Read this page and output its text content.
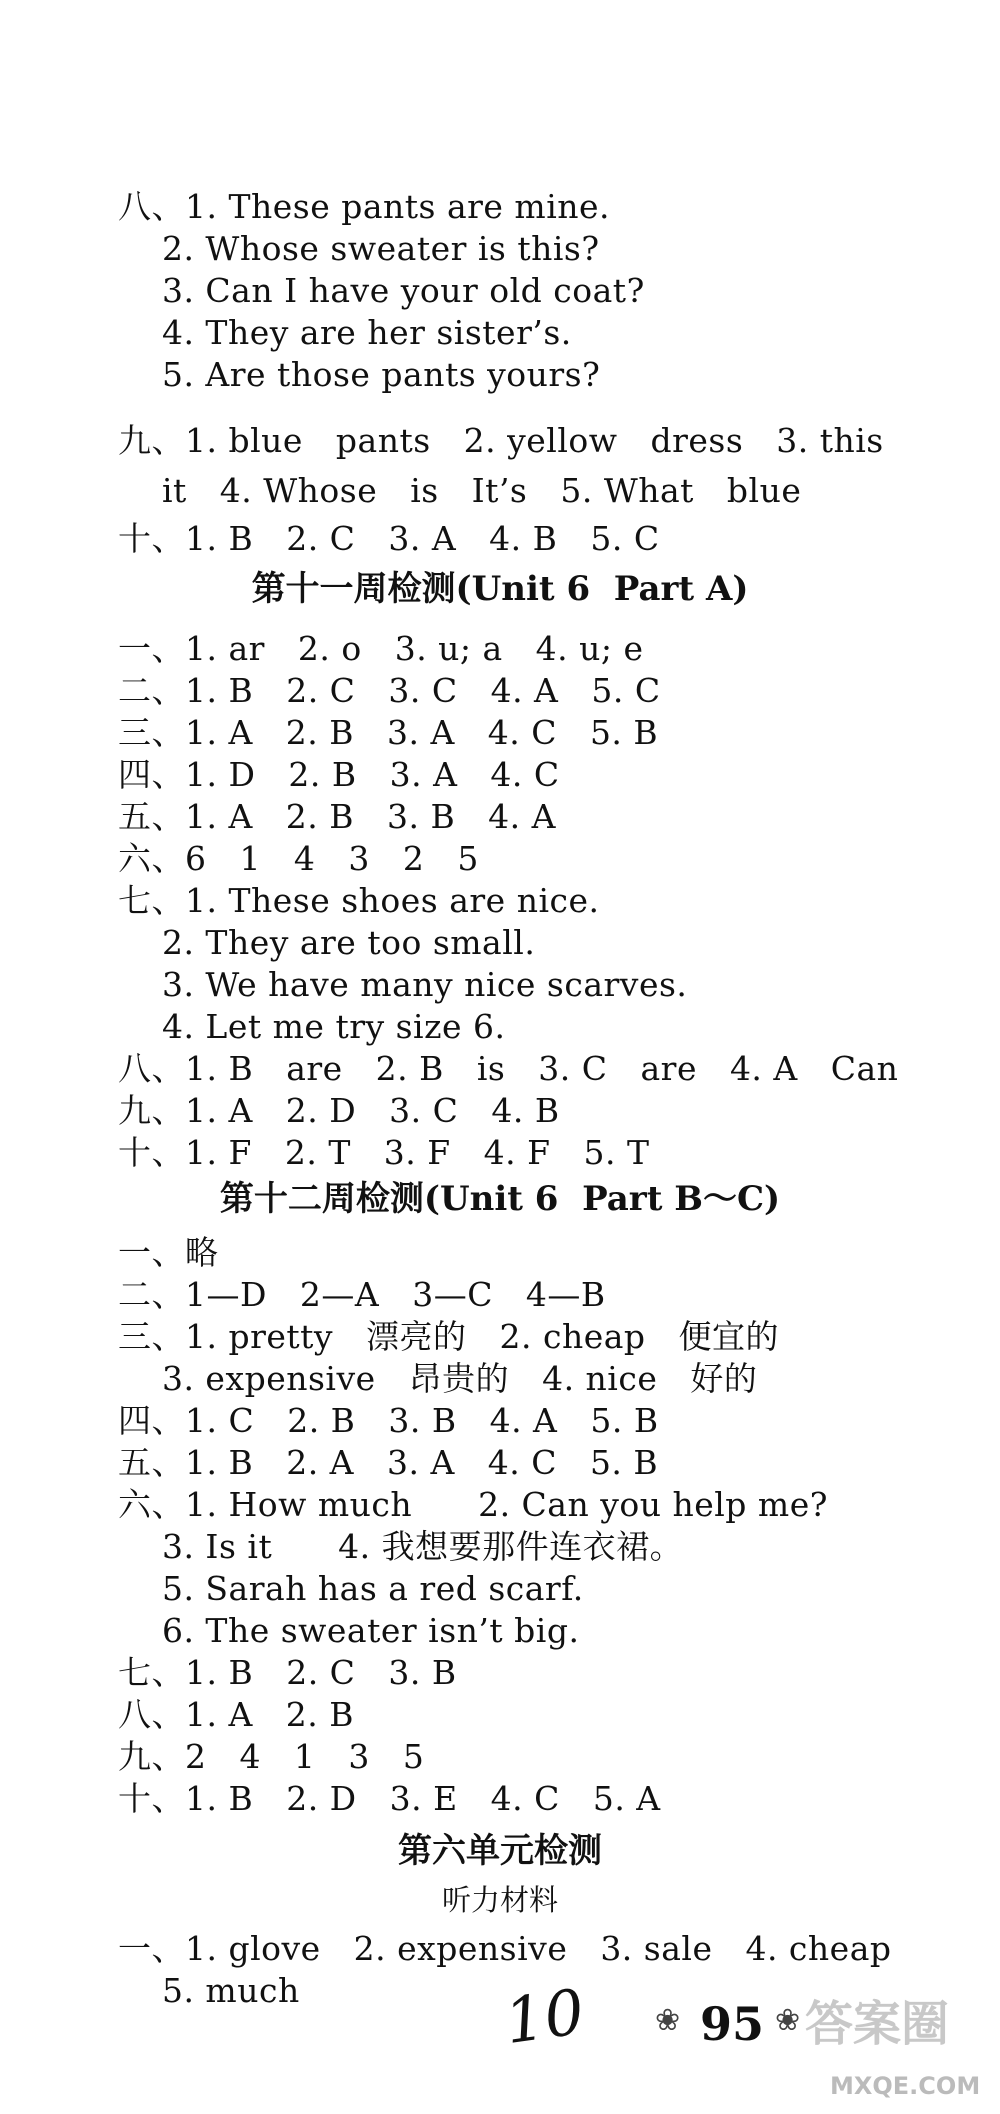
八、1. These pants are mine.
2. Whose sweater is this?
3. Can I have your old coat?
4. They are her sister’s.
5. Are those pants yours?
九、1. blue   pants   2. yellow   dress   3. this
it   4. Whose   is   It’s   5. What   blue
十、1. B   2. C   3. A   4. B   5. C
第十一周检测(Unit 6  Part A)
一、1. ar   2. o   3. u; a   4. u; e
二、1. B   2. C   3. C   4. A   5. C
三、1. A   2. B   3. A   4. C   5. B
四、1. D   2. B   3. A   4. C
五、1. A   2. B   3. B   4. A
六、6   1   4   3   2   5
七、1. These shoes are nice.
2. They are too small.
3. We have many nice scarves.
4. Let me try size 6.
八、1. B   are   2. B   is   3. C   are   4. A   Can
九、1. A   2. D   3. C   4. B
十、1. F   2. T   3. F   4. F   5. T
第十二周检测(Unit 6  Part B～C)
一、略
二、1—D   2—A   3—C   4—B
三、1. pretty   漂亮的   2. cheap   便宜的
3. expensive   昂贵的   4. nice   好的
四、1. C   2. B   3. B   4. A   5. B
五、1. B   2. A   3. A   4. C   5. B
六、1. How much      2. Can you help me?
3. Is it      4. 我想要那件连衣裙。
5. Sarah has a red scarf.
6. The sweater isn’t big.
七、1. B   2. C   3. B
八、1. A   2. B
九、2   4   1   3   5
十、1. B   2. D   3. E   4. C   5. A
第六单元检测
听力材料
一、1. glove   2. expensive   3. sale   4. cheap
5. much	10 ❀ 95 ❀ 答案圈
MXQE.COM
